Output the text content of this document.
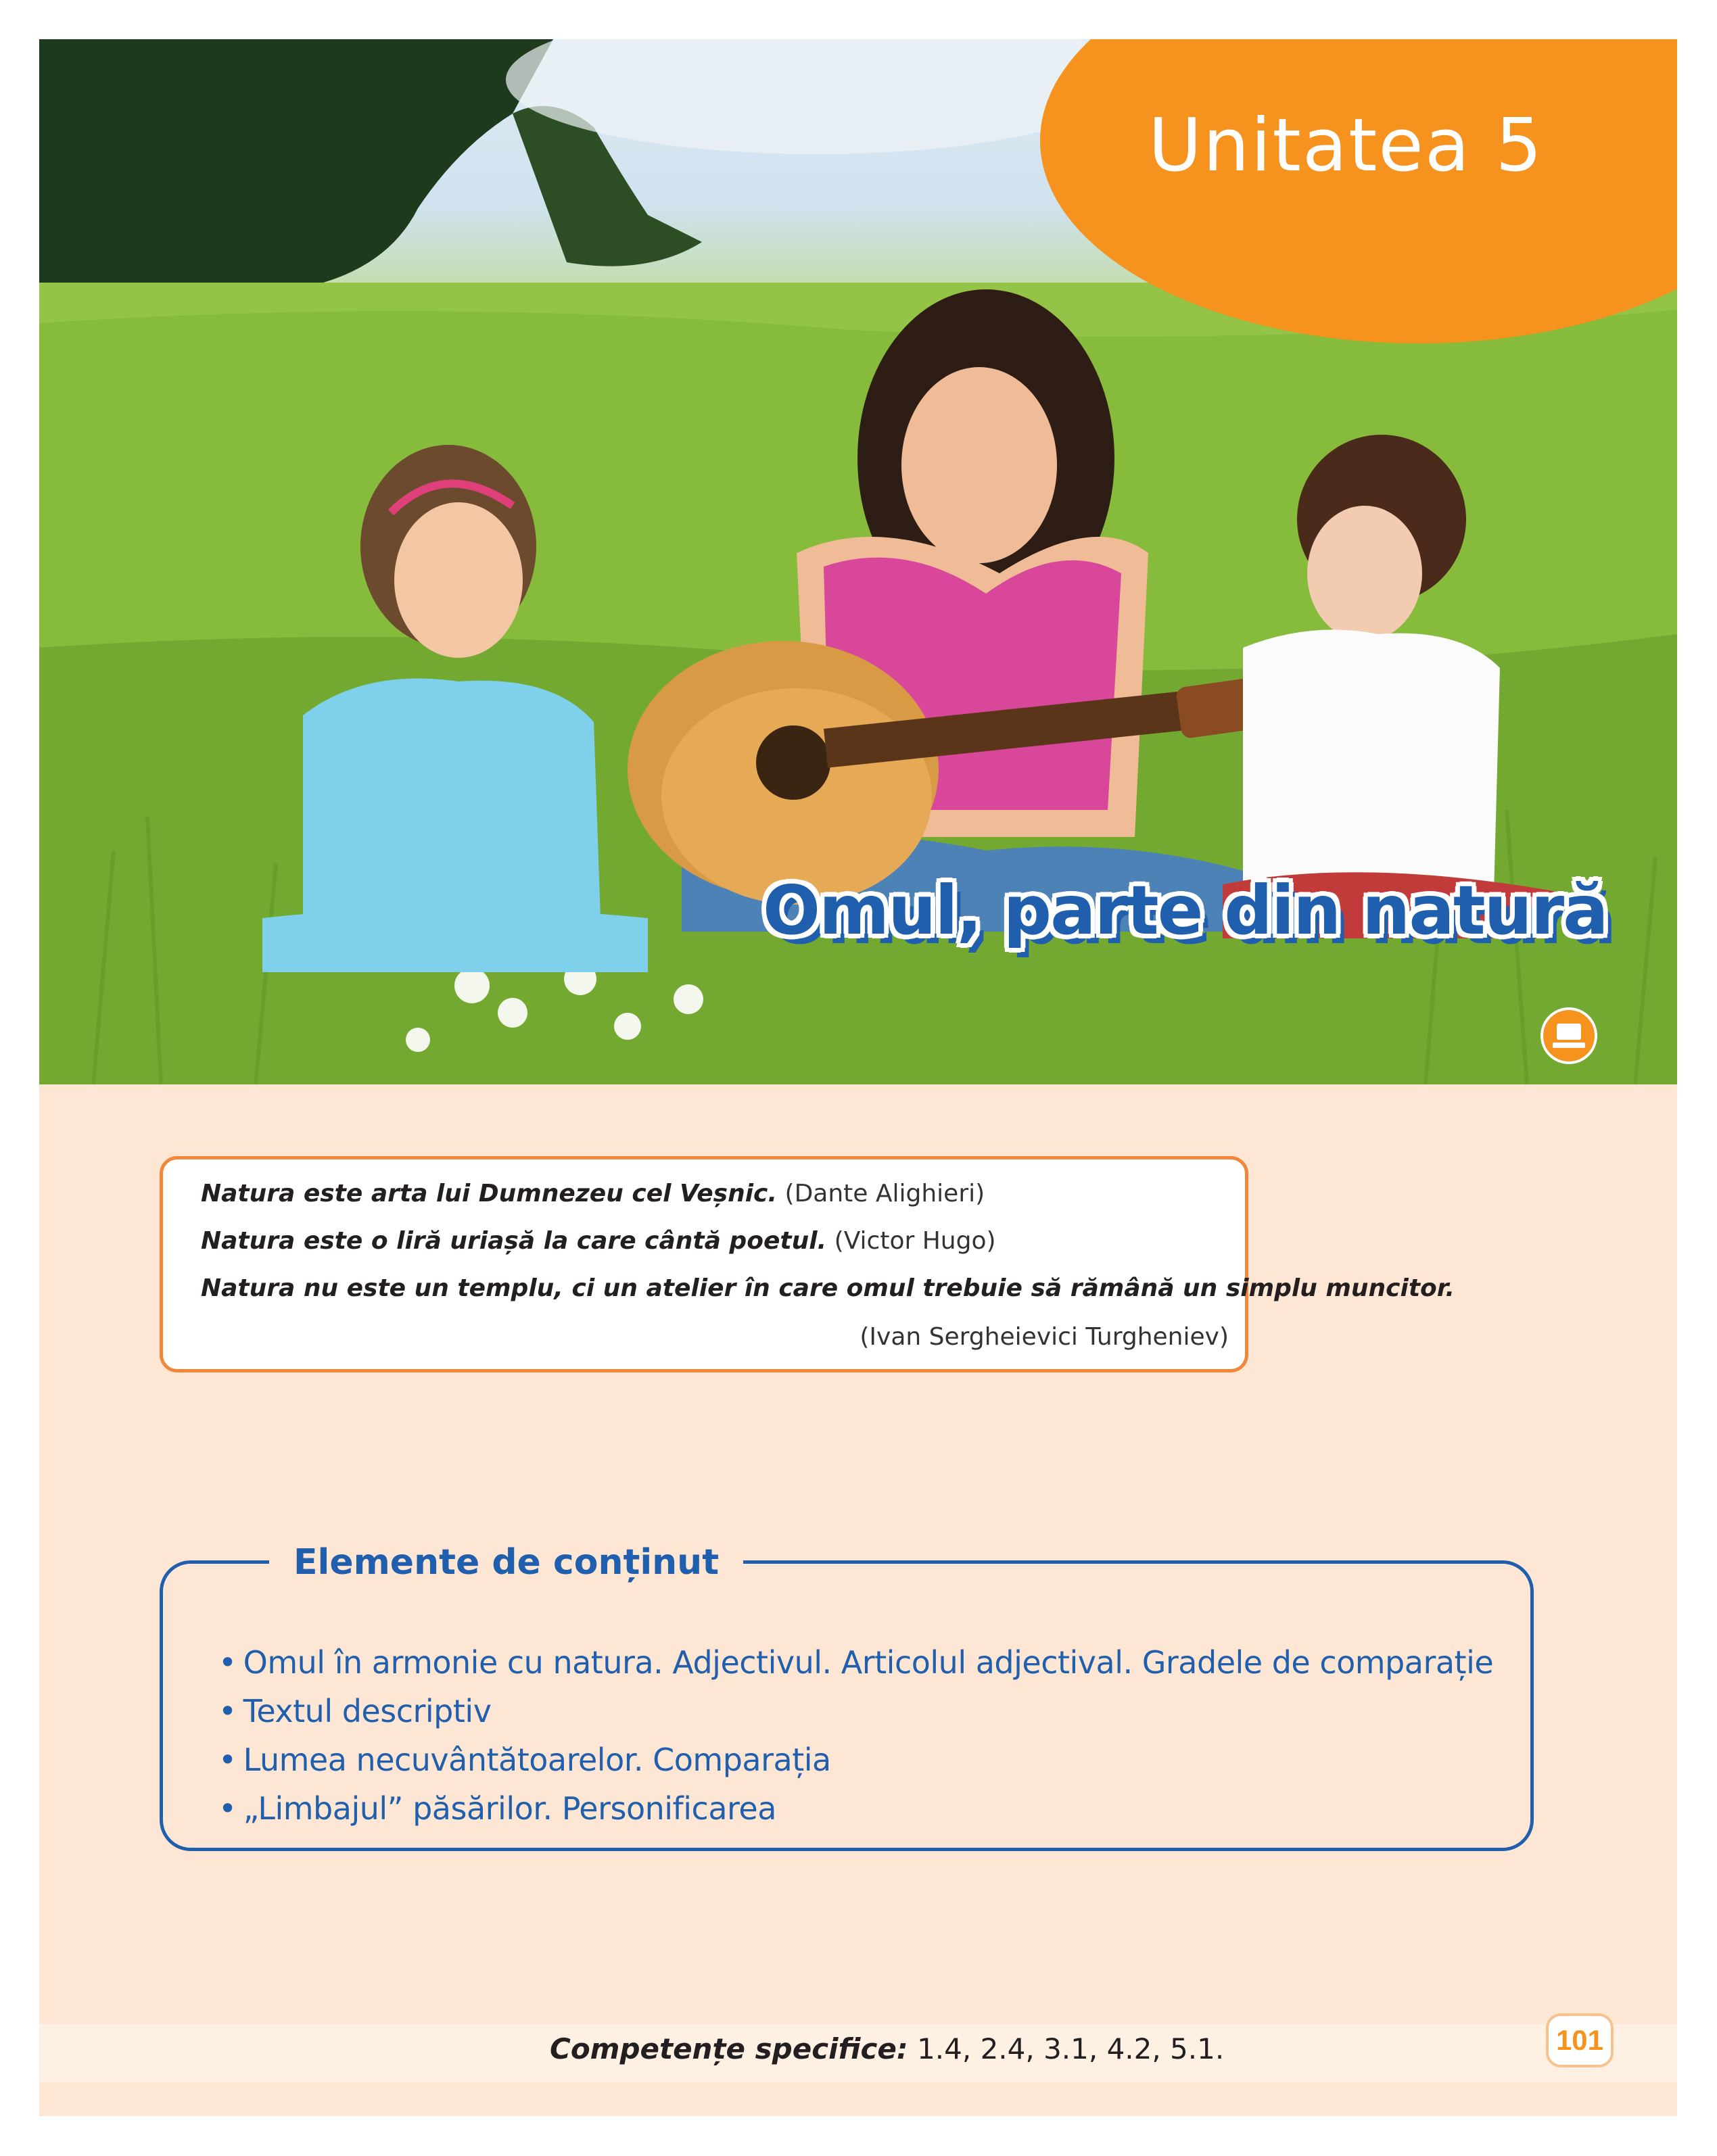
Unitatea 5
Omul, parte din natură
Natura este arta lui Dumnezeu cel Veșnic. (Dante Alighieri)
Natura este o liră uriașă la care cântă poetul. (Victor Hugo)
Natura nu este un templu, ci un atelier în care omul trebuie să rămână un simplu muncitor.
(Ivan Sergheievici Turgheniev)
Elemente de conținut
• Omul în armonie cu natura. Adjectivul. Articolul adjectival. Gradele de comparație
• Textul descriptiv
• Lumea necuvântătoarelor. Comparația
• „Limbajul” păsărilor. Personificarea
Competențe specifice: 1.4, 2.4, 3.1, 4.2, 5.1.	101
